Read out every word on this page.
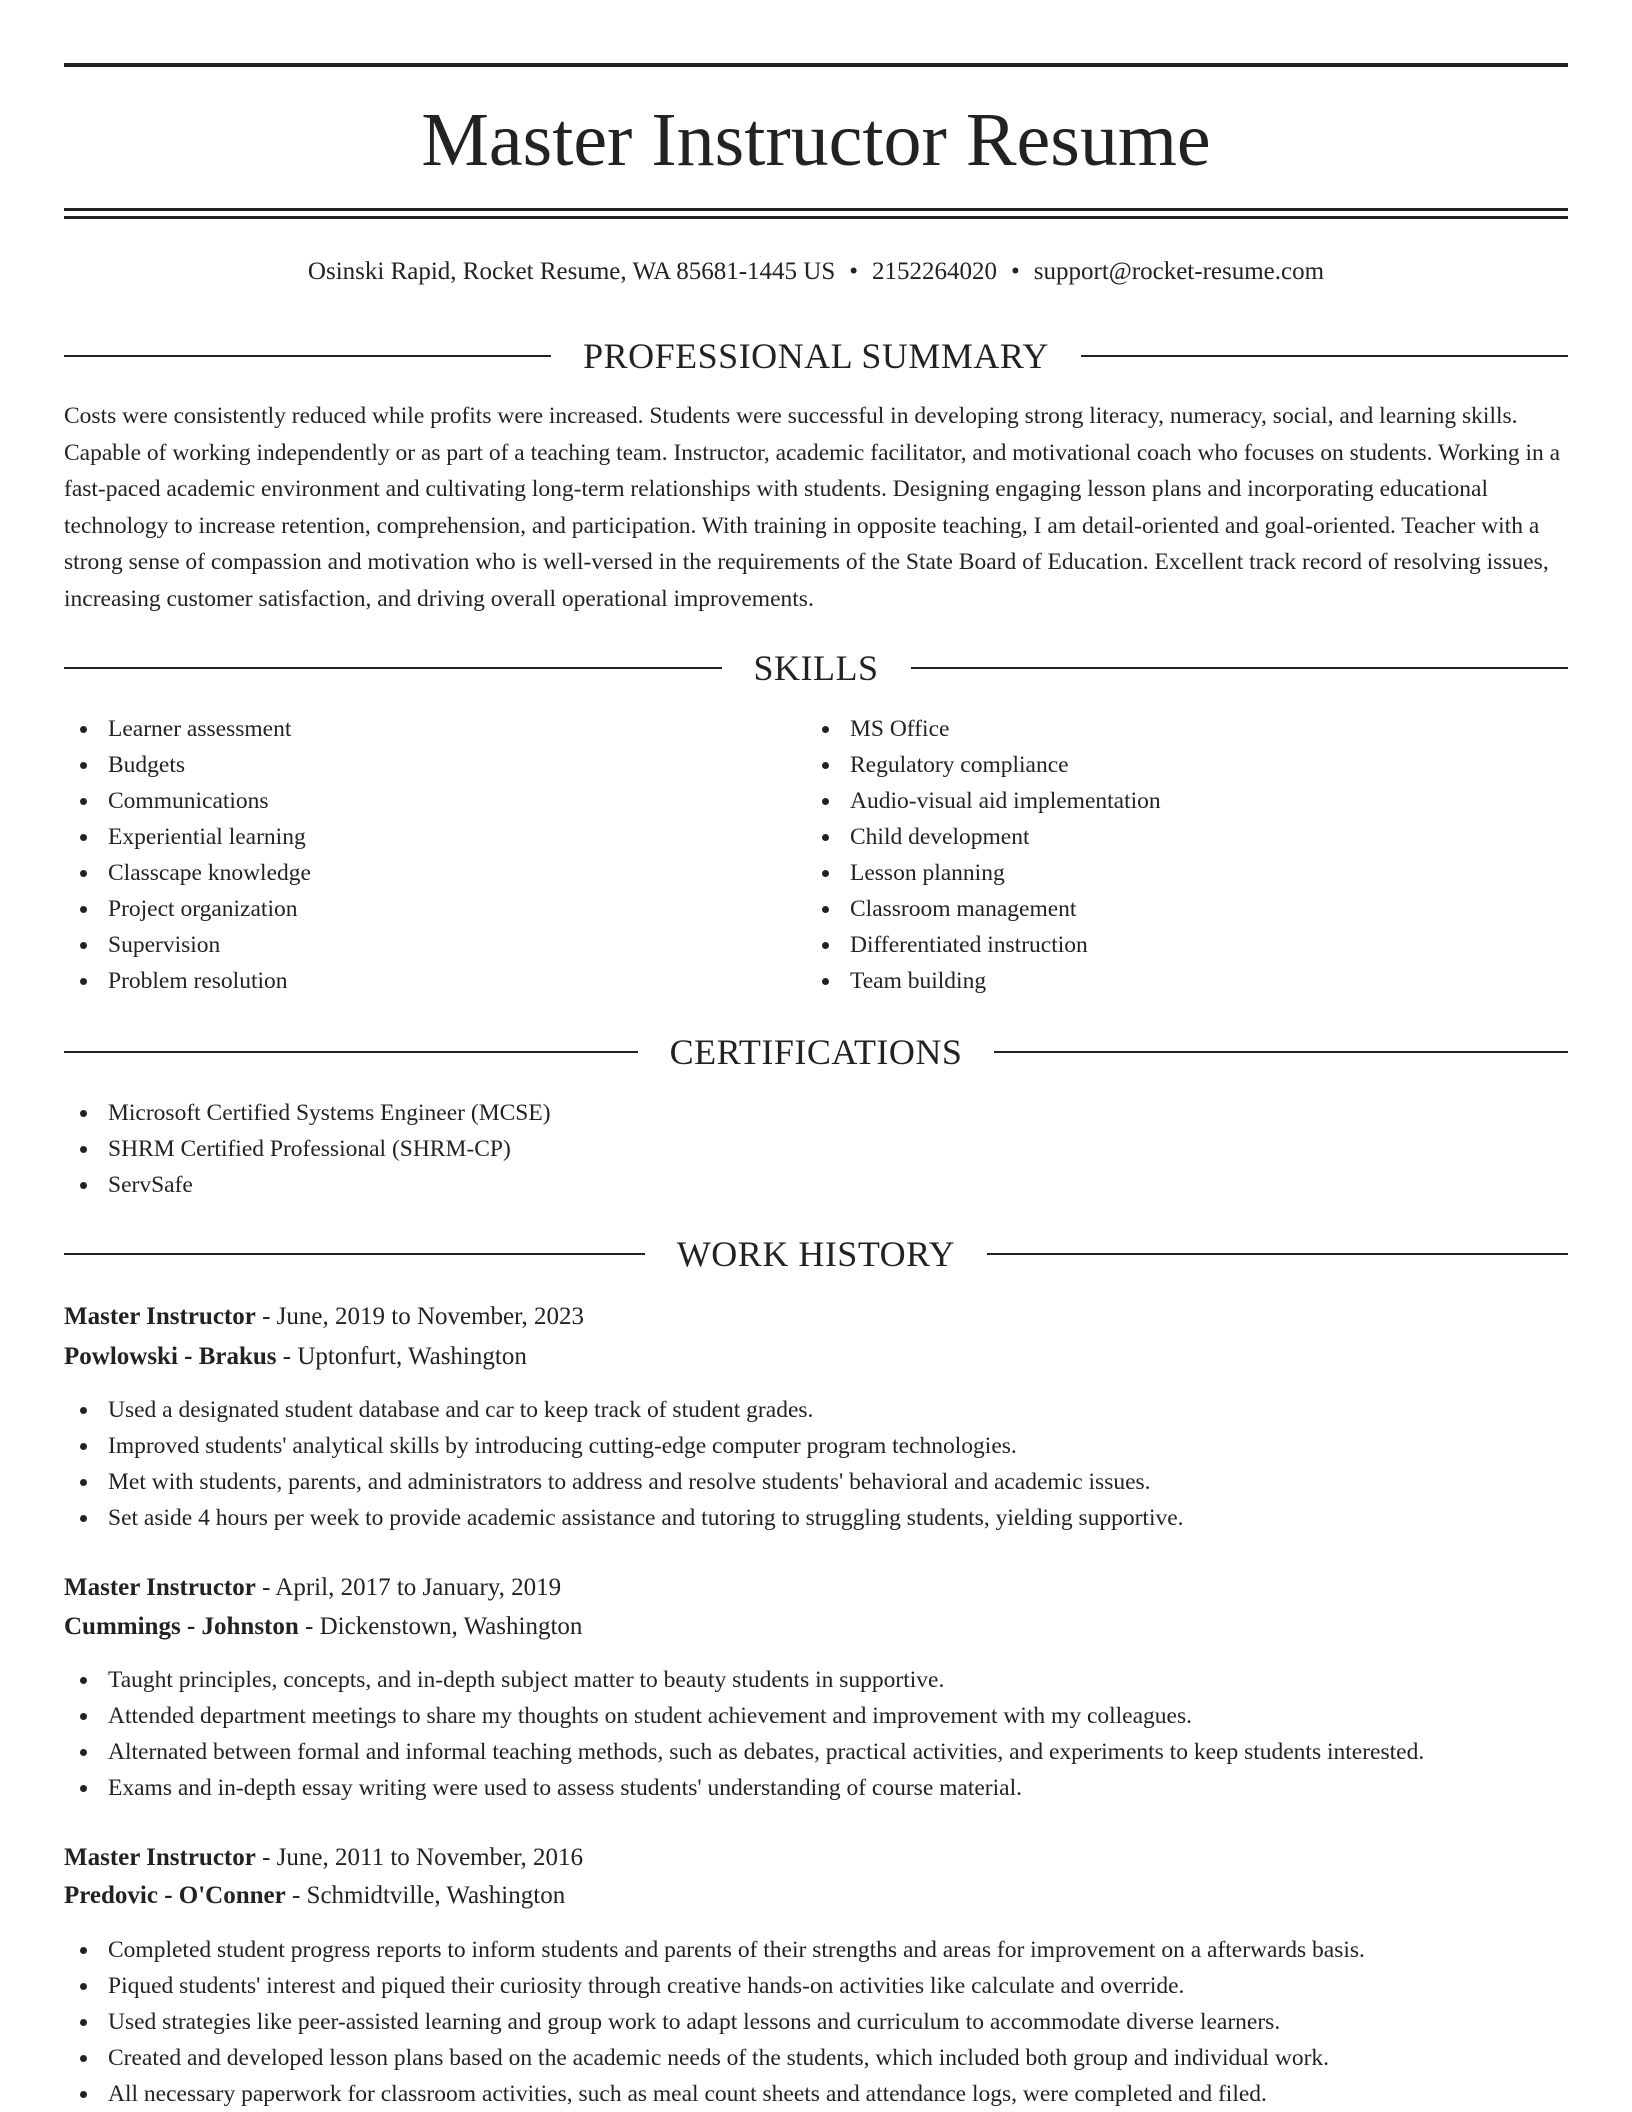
Master Instructor Resume
Osinski Rapid, Rocket Resume, WA 85681-1445 US • 2152264020 • support@rocket-resume.com
PROFESSIONAL SUMMARY

Costs were consistently reduced while profits were increased. Students were successful in developing strong literacy, numeracy, social, and learning skills. Capable of working independently or as part of a teaching team. Instructor, academic facilitator, and motivational coach who focuses on students. Working in a fast-paced academic environment and cultivating long-term relationships with students. Designing engaging lesson plans and incorporating educational technology to increase retention, comprehension, and participation. With training in opposite teaching, I am detail-oriented and goal-oriented. Teacher with a strong sense of compassion and motivation who is well-versed in the requirements of the State Board of Education. Excellent track record of resolving issues, increasing customer satisfaction, and driving overall operational improvements.

SKILLS
Learner assessment
Budgets
Communications
Experiential learning
Classcape knowledge
Project organization
Supervision
Problem resolution
MS Office
Regulatory compliance
Audio-visual aid implementation
Child development
Lesson planning
Classroom management
Differentiated instruction
Team building
CERTIFICATIONS
Microsoft Certified Systems Engineer (MCSE)
SHRM Certified Professional (SHRM-CP)
ServSafe
WORK HISTORY
Master Instructor - June, 2019 to November, 2023
Powlowski - Brakus - Uptonfurt, Washington
Used a designated student database and car to keep track of student grades.
Improved students' analytical skills by introducing cutting-edge computer program technologies.
Met with students, parents, and administrators to address and resolve students' behavioral and academic issues.
Set aside 4 hours per week to provide academic assistance and tutoring to struggling students, yielding supportive.
Master Instructor - April, 2017 to January, 2019
Cummings - Johnston - Dickenstown, Washington
Taught principles, concepts, and in-depth subject matter to beauty students in supportive.
Attended department meetings to share my thoughts on student achievement and improvement with my colleagues.
Alternated between formal and informal teaching methods, such as debates, practical activities, and experiments to keep students interested.
Exams and in-depth essay writing were used to assess students' understanding of course material.
Master Instructor - June, 2011 to November, 2016
Predovic - O'Conner - Schmidtville, Washington
Completed student progress reports to inform students and parents of their strengths and areas for improvement on a afterwards basis.
Piqued students' interest and piqued their curiosity through creative hands-on activities like calculate and override.
Used strategies like peer-assisted learning and group work to adapt lessons and curriculum to accommodate diverse learners.
Created and developed lesson plans based on the academic needs of the students, which included both group and individual work.
All necessary paperwork for classroom activities, such as meal count sheets and attendance logs, were completed and filed.
